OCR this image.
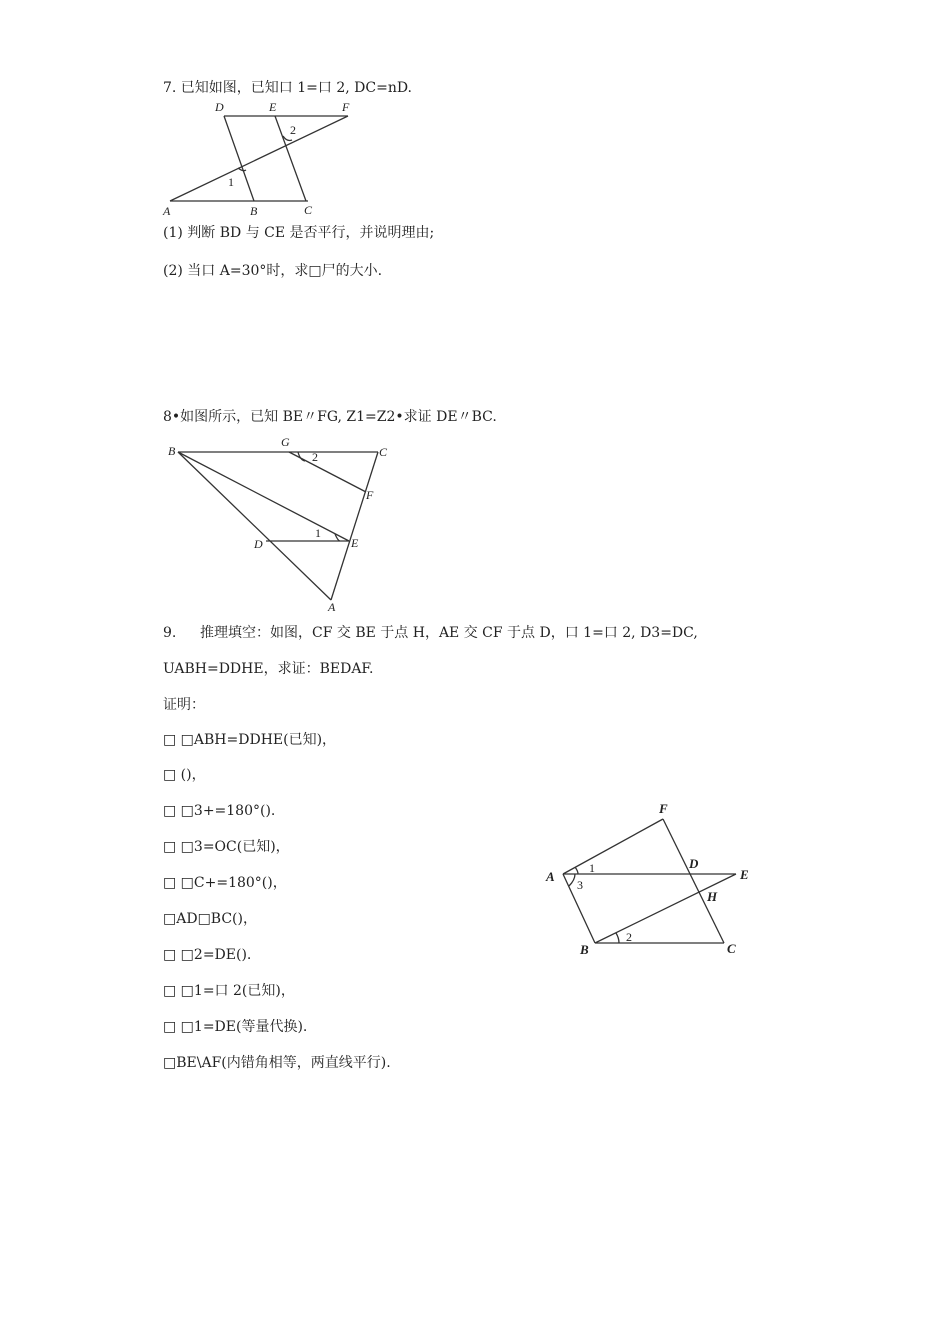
7. 已知如图，已知口 1=口 2, DC=nD.
D	E	F
A	B	C
1
2
(1) 判断 BD 与 CE 是否平行，并说明理由;
(2) 当口 A=30°时，求□尸的大小.
8•如图所示，已知 BE〃FG, Z1=Z2•求证 DE〃BC.
B
G
C
F
D	E
A
1
2
9. 推理填空：如图，CF 交 BE 于点 H，AE 交 CF 于点 D，口 1=口 2, D3=DC,
UABH=DDHE，求证：BEDAF.
证明：
□ □ABH=DDHE(已知)，
□ ()，
□ □3+=180°().
□ □3=OC(已知)，
□ □C+=180°()，
□AD□BC()，
□ □2=DE().
□ □1=口 2(已知)，
□ □1=DE(等量代换).
□BE\AF(内错角相等，两直线平行).
F
A
D
E
H
B	C
1
3
2
